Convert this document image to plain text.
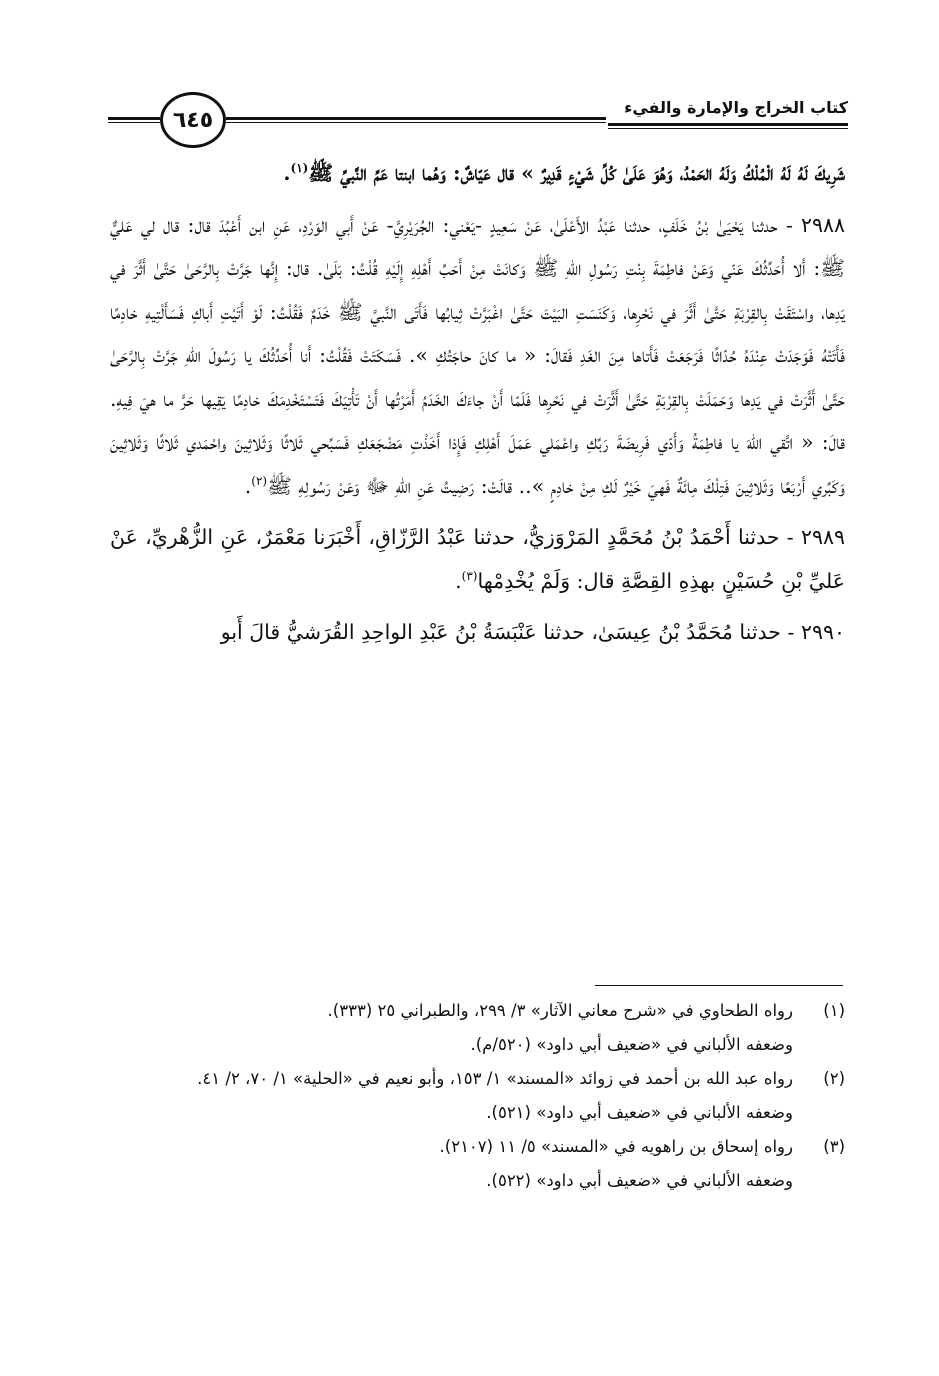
كتاب الخراج والإمارة والفيء
٦٤٥

شَرِيكَ لَهُ لَهُ الْمُلْكُ وَلَهُ الحَمْدُ، وَهُوَ عَلَىٰ كُلِّ شَيْءٍ قَدِيرٌ » قال عَيّاشٌ: وَهُما ابنتا عَمِّ النَّبيِّ ﷺ$^{(١)}$.

٢٩٨٨ - حدثنا يَحْيَىٰ بْنُ خَلَفٍ، حدثنا عَبْدُ الأَعْلَىٰ، عَنْ سَعِيدٍ -يَعْني: الجُرَيْرِيَّ- عَنْ أَبي الوَرْدِ، عَنِ ابن أَعْبُدَ قال: قال لي عَليٌّ ﷺ: أَلا أُحَدِّثُكَ عَنّي وَعَنْ فاطِمَةَ بِنْتِ رَسُولِ اللهِ ﷺ وَكانَتْ مِنْ أَحَبِّ أَهْلِهِ إِلَيْهِ قُلْتُ: بَلَىٰ. قال: إِنَّها جَرَّتْ بِالرَّحَىٰ حَتَّىٰ أَثَّرَ في يَدِها، واسْتَقَتْ بِالقِرْبَةِ حَتَّىٰ أَثَّرَ في نَحْرِها، وَكَنَسَتِ البَيْتَ حَتَّىٰ اغْبَرَّتْ ثِيابُها فَأَتَى النَّبيَّ ﷺ خَدَمٌ فَقُلْتُ: لَوْ أَتَيْتِ أَباكِ فَسَأَلْتِيهِ خادِمًا فَأَتَتْهُ فَوَجَدَتْ عِنْدَهُ حُدّاثًا فَرَجَعَتْ فَأَتاها مِنَ الغَدِ فَقالَ: « ما كانَ حاجَتُكِ ». فَسَكَتَتْ فَقُلْتُ: أَنا أُحَدِّثُكَ يا رَسُولَ اللهِ جَرَّتْ بِالرَّحَىٰ حَتَّىٰ أَثَّرَتْ في يَدِها وَحَمَلَتْ بِالقِرْبَةِ حَتَّىٰ أَثَّرَتْ في نَحْرِها فَلَمّا أَنْ جاءَكَ الخَدَمُ أَمَرْتُها أَنْ تَأْتِيَكَ فَتَسْتَخْدِمَكَ خادِمًا يَقِيها حَرَّ ما هيَ فِيهِ. قالَ: « اتَّقي اللهَ يا فاطِمَةُ وَأَدّي فَرِيضَةَ رَبِّكِ واعْمَلي عَمَلَ أَهْلِكِ فَإِذا أَخَذْتِ مَضْجَعَكِ فَسَبِّحي ثَلاثًا وَثَلاثِينَ واحْمَدي ثَلاثًا وَثَلاثِينَ وَكَبِّري أَرْبَعًا وَثَلاثِينَ فَتِلْكَ مِائَةٌ فَهيَ خَيْرٌ لَكِ مِنْ خادِمٍ ».. قالَتْ: رَضِيتُ عَنِ اللهِ ﷻ وَعَنْ رَسُولِهِ ﷺ$^{(٢)}$.

٢٩٨٩ - حدثنا أَحْمَدُ بْنُ مُحَمَّدٍ المَرْوَزيُّ، حدثنا عَبْدُ الرَّزّاقِ، أَخْبَرَنا مَعْمَرٌ، عَنِ الزُّهْريِّ، عَنْ عَليِّ بْنِ حُسَيْنٍ بهذِهِ القِصَّةِ قال: وَلَمْ يُخْدِمْها$^{(٣)}$.

٢٩٩٠ - حدثنا مُحَمَّدُ بْنُ عِيسَىٰ، حدثنا عَنْبَسَةُ بْنُ عَبْدِ الواحِدِ القُرَشيُّ قالَ أَبو

(١)
رواه الطحاوي في «شرح معاني الآثار» ٣/ ٢٩٩، والطبراني ٢٥ (٣٣٣).
وضعفه الألباني في «ضعيف أبي داود» (٥٢٠/م).
(٢)
رواه عبد الله بن أحمد في زوائد «المسند» ١/ ١٥٣، وأبو نعيم في «الحلية» ١/ ٧٠، ٢/ ٤١.
وضعفه الألباني في «ضعيف أبي داود» (٥٢١).
(٣)
رواه إسحاق بن راهويه في «المسند» ٥/ ١١ (٢١٠٧).
وضعفه الألباني في «ضعيف أبي داود» (٥٢٢).
